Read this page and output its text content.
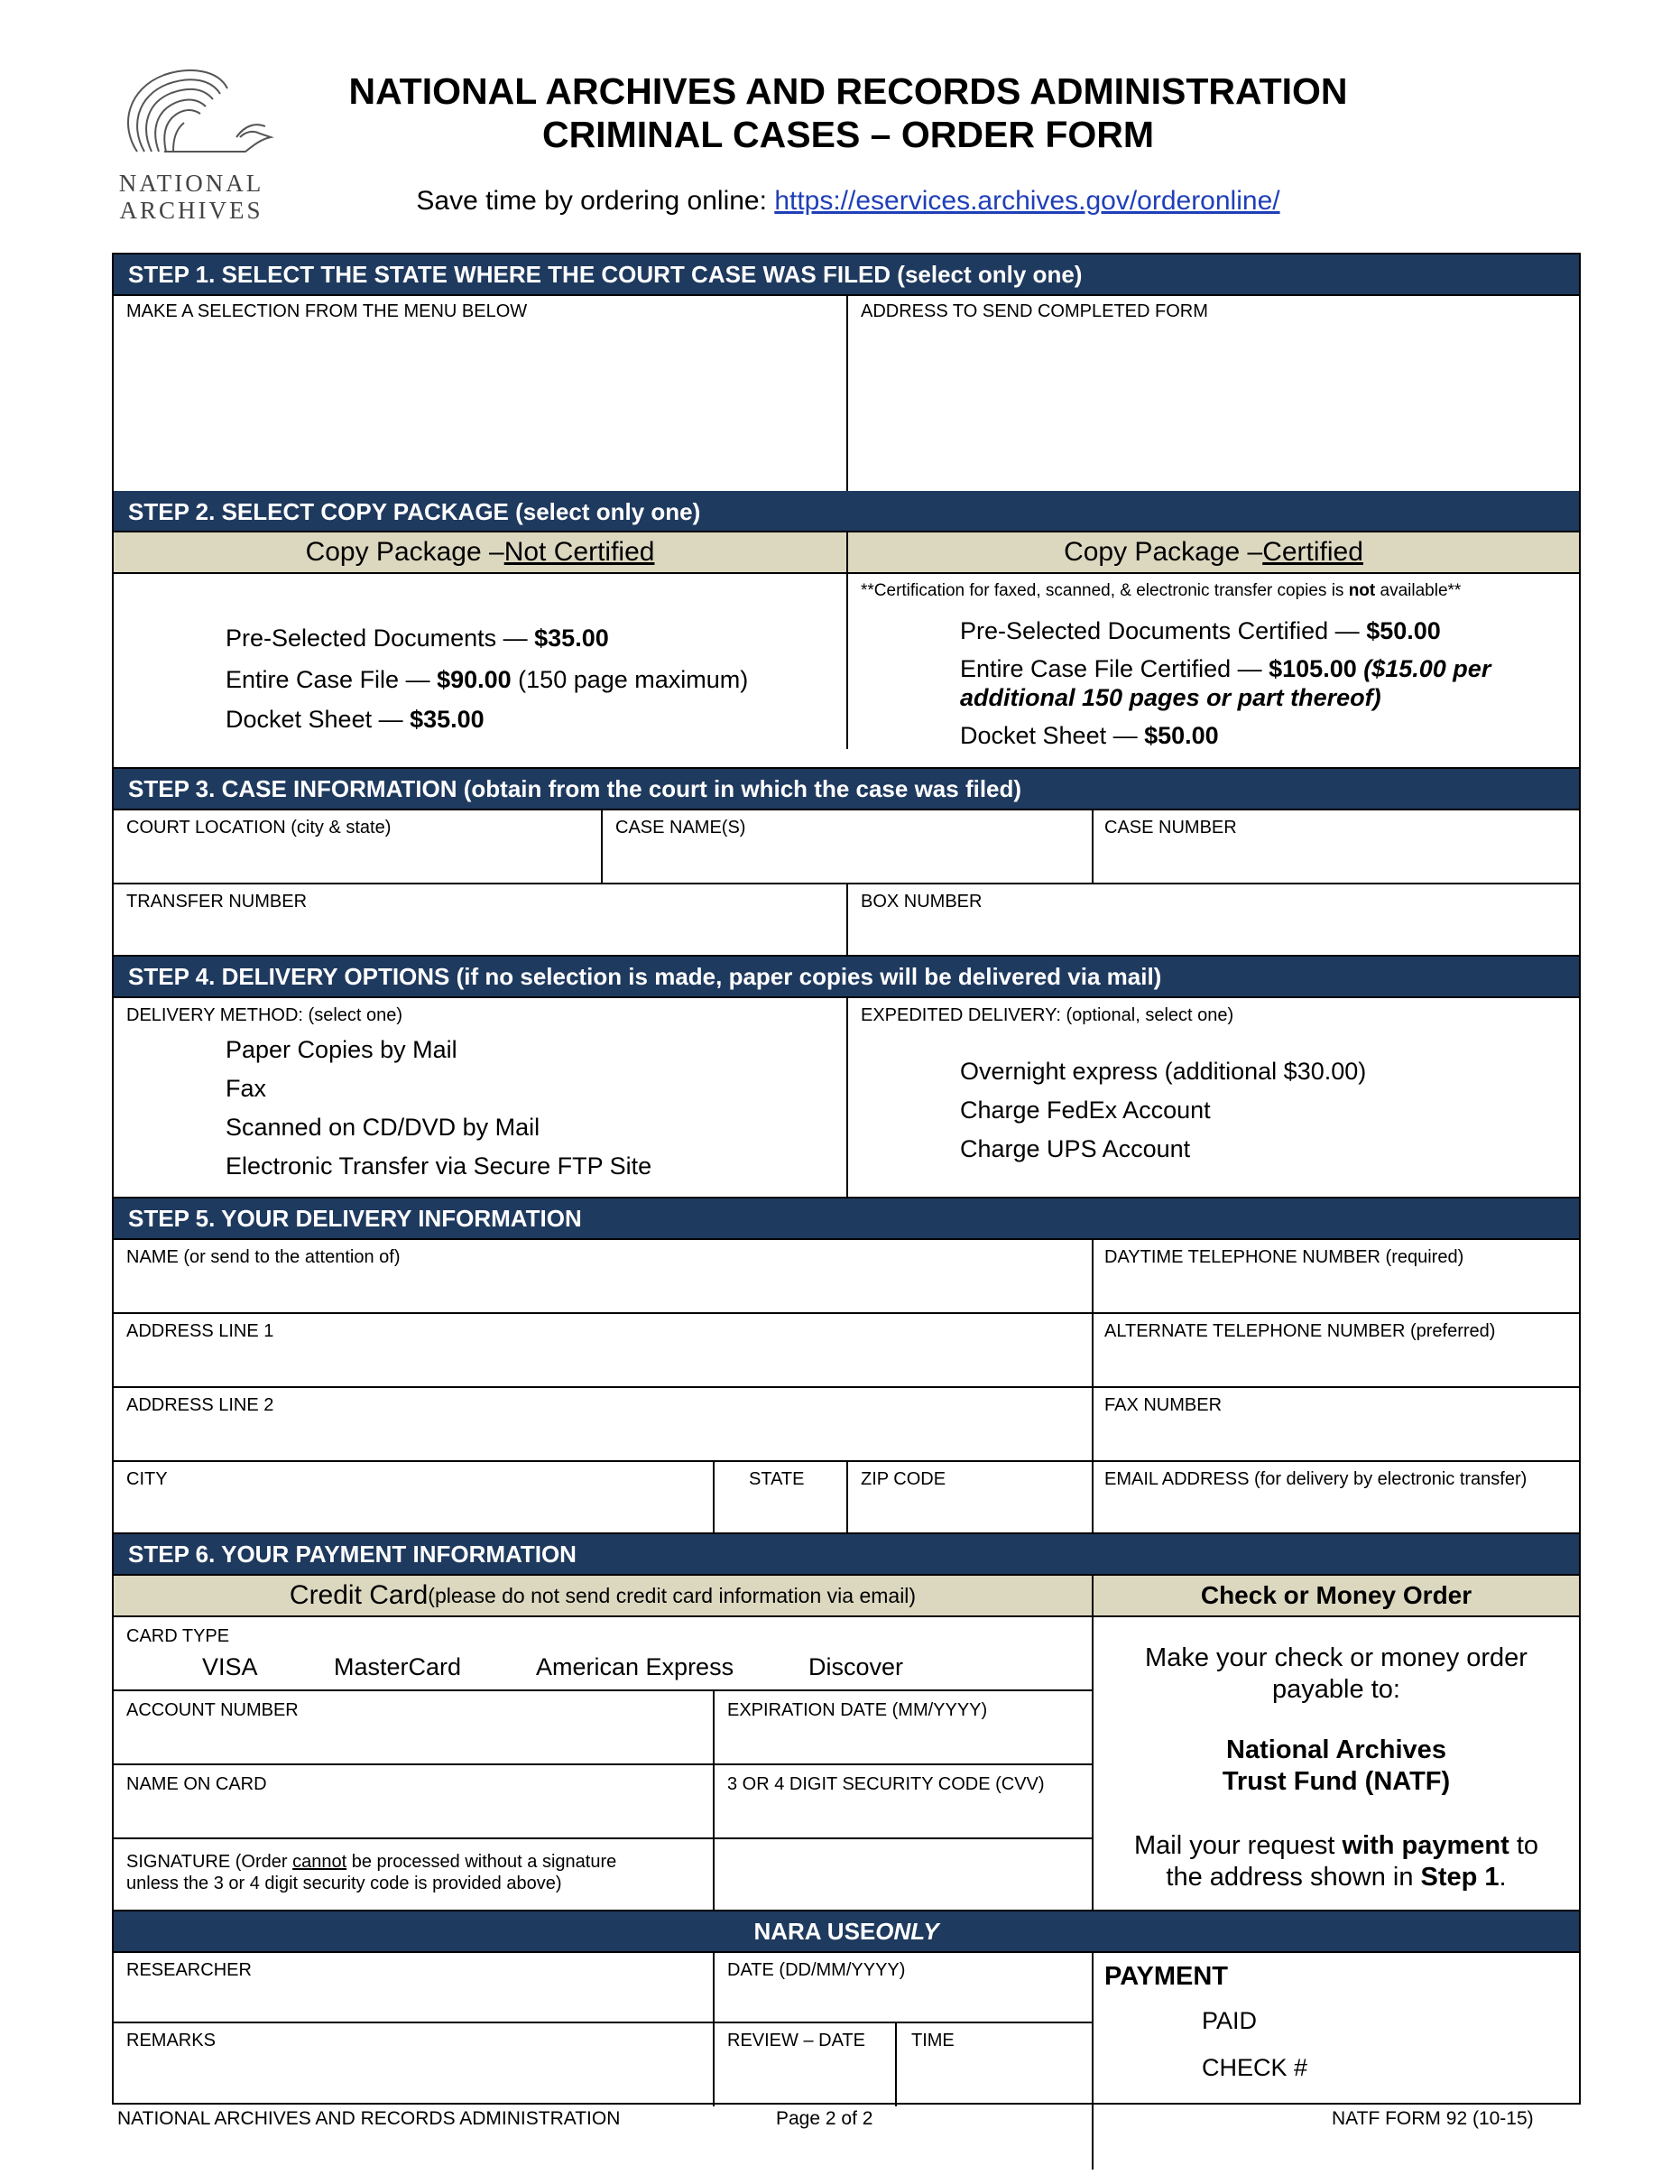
NATIONAL
ARCHIVES
NATIONAL ARCHIVES AND RECORDS ADMINISTRATION
CRIMINAL CASES – ORDER FORM
Save time by ordering online: https://eservices.archives.gov/orderonline/
STEP 1. SELECT THE STATE WHERE THE COURT CASE WAS FILED (select only one)
MAKE A SELECTION FROM THE MENU BELOW	ADDRESS TO SEND COMPLETED FORM
STEP 2. SELECT COPY PACKAGE (select only one)
Copy Package – Not Certified	Copy Package – Certified
Pre-Selected Documents — $35.00
Entire Case File — $90.00 (150 page maximum)
Docket Sheet — $35.00
**Certification for faxed, scanned, & electronic transfer copies is not available**
Pre-Selected Documents Certified — $50.00
Entire Case File Certified — $105.00 ($15.00 per
additional 150 pages or part thereof)
Docket Sheet — $50.00
STEP 3. CASE INFORMATION (obtain from the court in which the case was filed)
COURT LOCATION (city & state)	CASE NAME(S)	CASE NUMBER
TRANSFER NUMBER	BOX NUMBER
STEP 4. DELIVERY OPTIONS (if no selection is made, paper copies will be delivered via mail)
DELIVERY METHOD: (select one)
Paper Copies by Mail
Fax
Scanned on CD/DVD by Mail
Electronic Transfer via Secure FTP Site
EXPEDITED DELIVERY: (optional, select one)
Overnight express (additional $30.00)
Charge FedEx Account
Charge UPS Account
STEP 5. YOUR DELIVERY INFORMATION
NAME (or send to the attention of)	DAYTIME TELEPHONE NUMBER (required)
ADDRESS LINE 1	ALTERNATE TELEPHONE NUMBER (preferred)
ADDRESS LINE 2	FAX NUMBER
CITY	STATE	ZIP CODE	EMAIL ADDRESS (for delivery by electronic transfer)
STEP 6. YOUR PAYMENT INFORMATION
Credit Card (please do not send credit card information via email)	Check or Money Order
CARD TYPE
VISA	MasterCard	American Express	Discover
ACCOUNT NUMBER	EXPIRATION DATE (MM/YYYY)
NAME ON CARD	3 OR 4 DIGIT SECURITY CODE (CVV)
SIGNATURE (Order cannot be processed without a signature
unless the 3 or 4 digit security code is provided above)
Make your check or money order
payable to:
National Archives
Trust Fund (NATF)
Mail your request with payment to
the address shown in Step 1.
NARA USE ONLY
RESEARCHER	DATE (DD/MM/YYYY)	PAYMENT
PAID
REMARKS	REVIEW – DATE	TIME
CHECK #
NATIONAL ARCHIVES AND RECORDS ADMINISTRATION	Page 2 of 2	NATF FORM 92 (10-15)
